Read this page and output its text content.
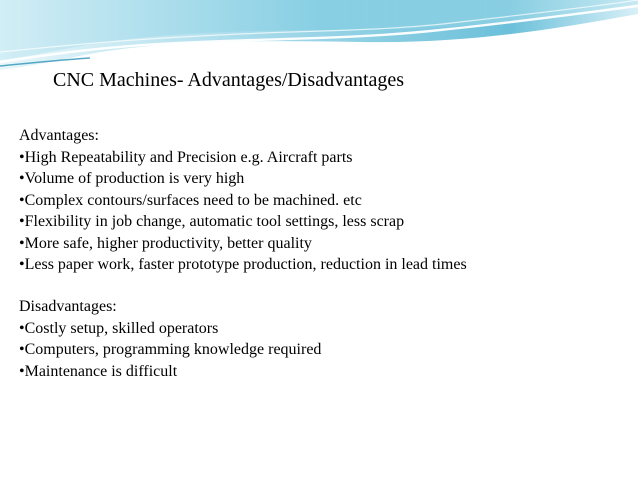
CNC Machines- Advantages/Disadvantages
Advantages:
•High Repeatability and Precision e.g. Aircraft parts
•Volume of production is very high
•Complex contours/surfaces need to be machined. etc
•Flexibility in job change, automatic tool settings, less scrap
•More safe, higher productivity, better quality
•Less paper work, faster prototype production, reduction in lead times
Disadvantages:
•Costly setup, skilled operators
•Computers, programming knowledge required
•Maintenance is difficult
